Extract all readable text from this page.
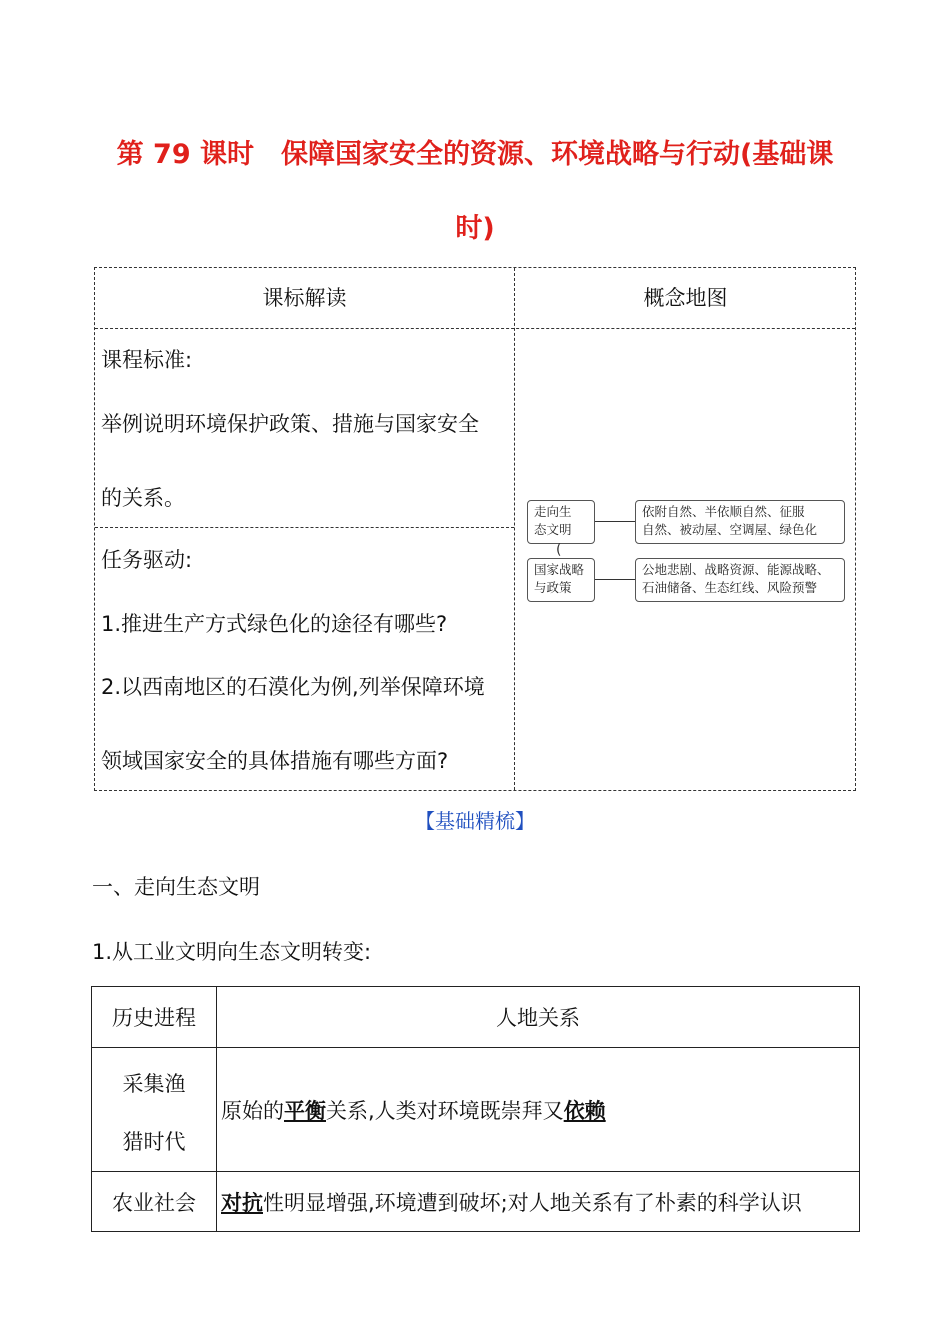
第 79 课时　保障国家安全的资源、环境战略与行动(基础课
时)
课标解读	概念地图
课程标准:
举例说明环境保护政策、措施与国家安全
的关系。
任务驱动:
1.推进生产方式绿色化的途径有哪些?
2.以西南地区的石漠化为例,列举保障环境
领域国家安全的具体措施有哪些方面?
走向生
态文明
依附自然、半依顺自然、征服
自然、被动屋、空调屋、绿色化
(
国家战略
与政策
公地悲剧、战略资源、能源战略、
石油储备、生态红线、风险预警
【基础精梳】
一、走向生态文明
1.从工业文明向生态文明转变:
历史进程	人地关系

采集渔
猎时代	原始的平衡关系,人类对环境既崇拜又依赖
农业社会	对抗性明显增强,环境遭到破坏;对人地关系有了朴素的科学认识
